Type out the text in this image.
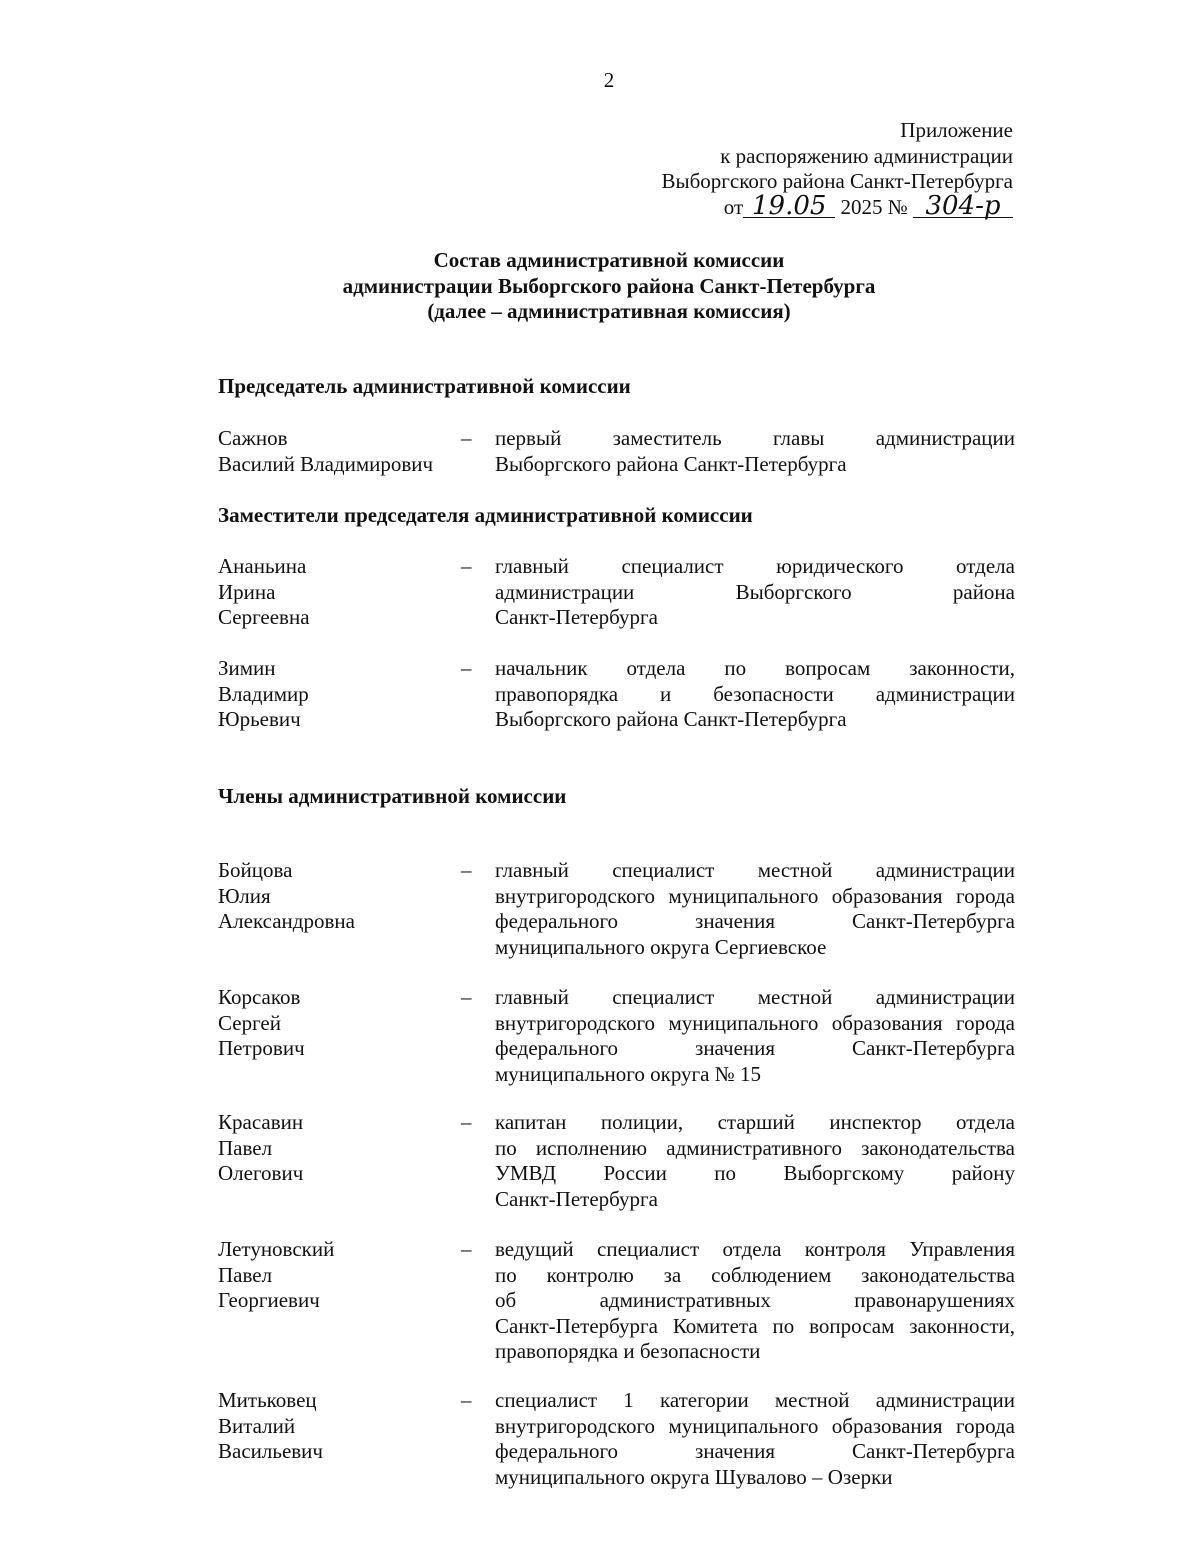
2
Приложение
к распоряжению администрации
Выборгского района Санкт-Петербурга
от 19.05 2025 № 304-р
Состав административной комиссии
администрации Выборгского района Санкт-Петербурга
(далее – административная комиссия)
Председатель административной комиссии
Сажнов
Василий Владимирович
– первый заместитель главы администрации
Выборгского района Санкт-Петербурга
Заместители председателя административной комиссии
Ананьина
Ирина
Сергеевна
– главный специалист юридического отдела
администрации Выборгского района
Санкт-Петербурга
Зимин
Владимир
Юрьевич
– начальник отдела по вопросам законности,
правопорядка и безопасности администрации
Выборгского района Санкт-Петербурга
Члены административной комиссии
Бойцова
Юлия
Александровна
– главный специалист местной администрации
внутригородского муниципального образования города
федерального значения Санкт-Петербурга
муниципального округа Сергиевское
Корсаков
Сергей
Петрович
– главный специалист местной администрации
внутригородского муниципального образования города
федерального значения Санкт-Петербурга
муниципального округа № 15
Красавин
Павел
Олегович
– капитан полиции, старший инспектор отдела
по исполнению административного законодательства
УМВД России по Выборгскому району
Санкт-Петербурга
Летуновский
Павел
Георгиевич
– ведущий специалист отдела контроля Управления
по контролю за соблюдением законодательства
об административных правонарушениях
Санкт-Петербурга Комитета по вопросам законности,
правопорядка и безопасности
Митьковец
Виталий
Васильевич
– специалист 1 категории местной администрации
внутригородского муниципального образования города
федерального значения Санкт-Петербурга
муниципального округа Шувалово – Озерки
